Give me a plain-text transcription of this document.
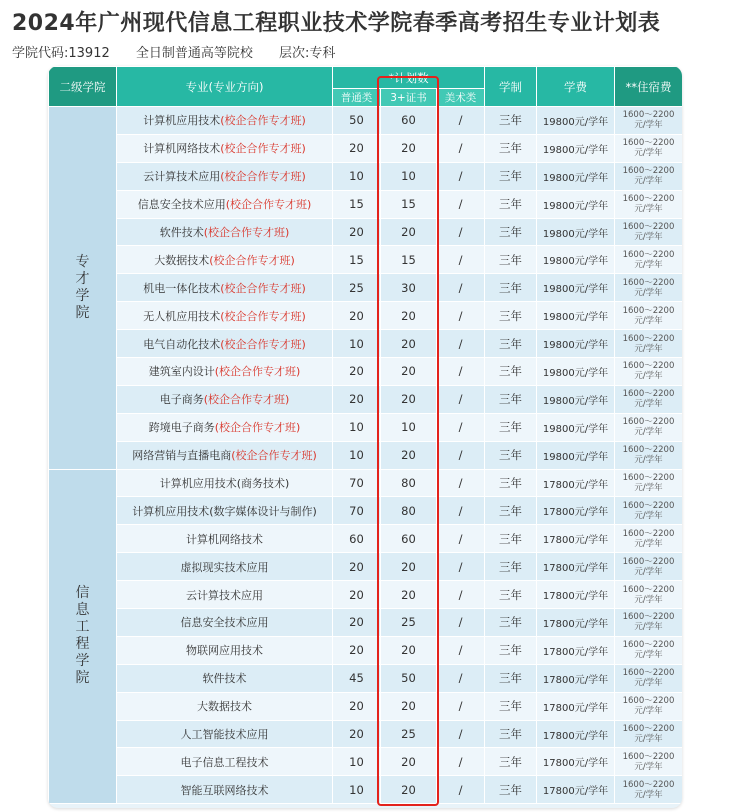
2024年广州现代信息工程职业技术学院春季高考招生专业计划表
学院代码:13912 全日制普通高等院校 层次:专科
二级学院	专业(专业方向)	*计划数			学制	学费	**住宿费
		普通类	3+证书	美术类			

专才学院	计算机应用技术(校企合作专才班)	50	60	/	三年	19800元/学年	1600～2200
元/学年

	计算机网络技术(校企合作专才班)	20	20	/	三年	19800元/学年	1600～2200
元/学年

	云计算技术应用(校企合作专才班)	10	10	/	三年	19800元/学年	1600～2200
元/学年

	信息安全技术应用(校企合作专才班)	15	15	/	三年	19800元/学年	1600～2200
元/学年

	软件技术(校企合作专才班)	20	20	/	三年	19800元/学年	1600～2200
元/学年

	大数据技术(校企合作专才班)	15	15	/	三年	19800元/学年	1600～2200
元/学年

	机电一体化技术(校企合作专才班)	25	30	/	三年	19800元/学年	1600～2200
元/学年

	无人机应用技术(校企合作专才班)	20	20	/	三年	19800元/学年	1600～2200
元/学年

	电气自动化技术(校企合作专才班)	10	20	/	三年	19800元/学年	1600～2200
元/学年

	建筑室内设计(校企合作专才班)	20	20	/	三年	19800元/学年	1600～2200
元/学年

	电子商务(校企合作专才班)	20	20	/	三年	19800元/学年	1600～2200
元/学年

	跨境电子商务(校企合作专才班)	10	10	/	三年	19800元/学年	1600～2200
元/学年

	网络营销与直播电商(校企合作专才班)	10	20	/	三年	19800元/学年	1600～2200
元/学年

信息工程学院	计算机应用技术(商务技术)	70	80	/	三年	17800元/学年	1600～2200
元/学年

	计算机应用技术(数字媒体设计与制作)	70	80	/	三年	17800元/学年	1600～2200
元/学年

	计算机网络技术	60	60	/	三年	17800元/学年	1600～2200
元/学年

	虚拟现实技术应用	20	20	/	三年	17800元/学年	1600～2200
元/学年

	云计算技术应用	20	20	/	三年	17800元/学年	1600～2200
元/学年

	信息安全技术应用	20	25	/	三年	17800元/学年	1600～2200
元/学年

	物联网应用技术	20	20	/	三年	17800元/学年	1600～2200
元/学年

	软件技术	45	50	/	三年	17800元/学年	1600～2200
元/学年

	大数据技术	20	20	/	三年	17800元/学年	1600～2200
元/学年

	人工智能技术应用	20	25	/	三年	17800元/学年	1600～2200
元/学年

	电子信息工程技术	10	20	/	三年	17800元/学年	1600～2200
元/学年

	智能互联网络技术	10	20	/	三年	17800元/学年	1600～2200
元/学年
